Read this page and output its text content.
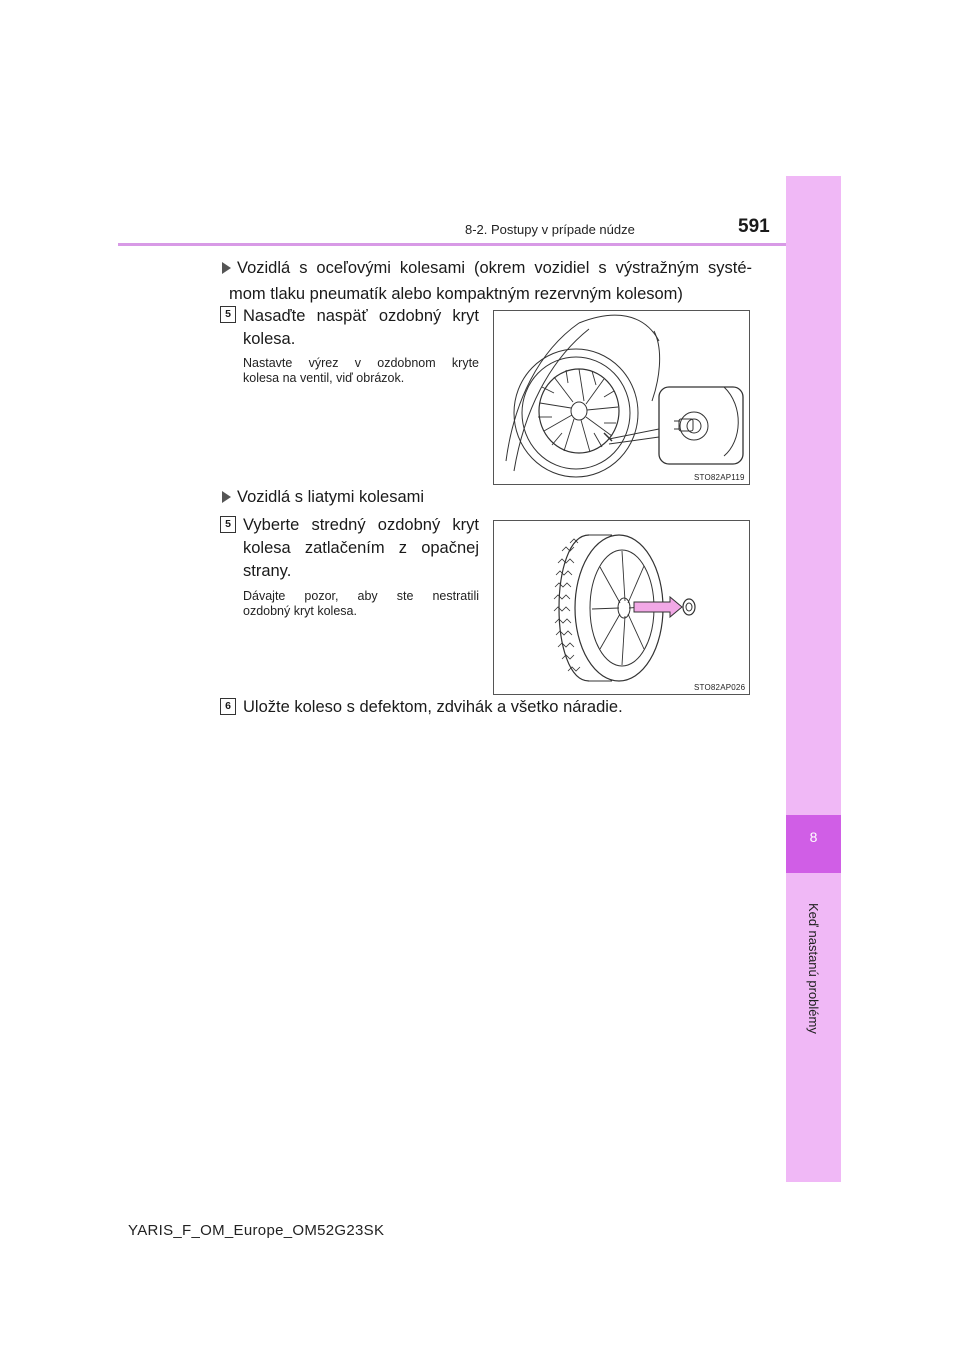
8-2. Postupy v prípade núdze	591
8
Keď nastanú problémy
Vozidlá s oceľovými kolesami (okrem vozidiel s výstražným systé-
mom tlaku pneumatík alebo kompaktným rezervným kolesom)
5 Nasaďte naspäť ozdobný kryt
kolesa.
Nastavte výrez v ozdobnom kryte
kolesa na ventil, viď obrázok.
STO82AP119
Vozidlá s liatymi kolesami
5 Vyberte stredný ozdobný kryt
kolesa zatlačením z opačnej
strany.
Dávajte pozor, aby ste nestratili
ozdobný kryt kolesa.
STO82AP026
6 Uložte koleso s defektom, zdvihák a všetko náradie.
YARIS_F_OM_Europe_OM52G23SK
